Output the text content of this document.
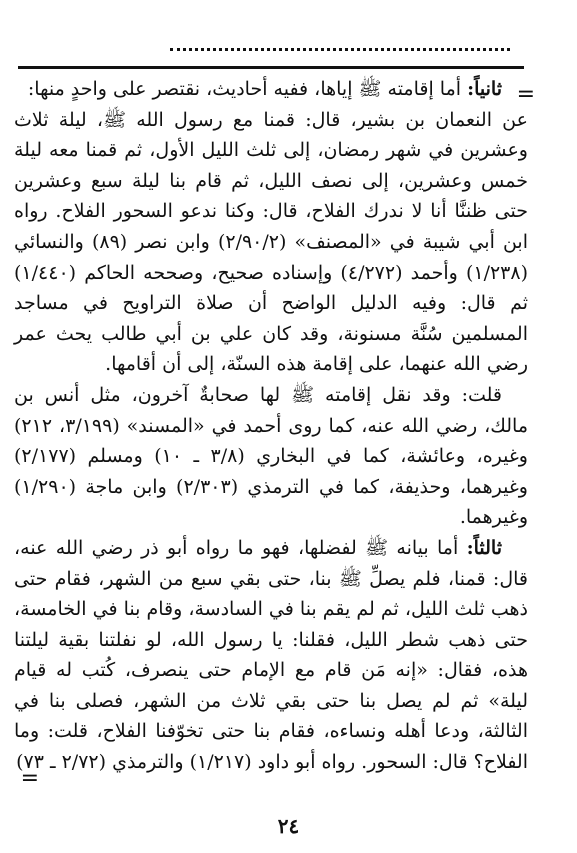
=

ثانياً: أما إقامته ﷺ إياها، ففيه أحاديث، نقتصر على واحدٍ منها:

عن النعمان بن بشير، قال: قمنا مع رسول الله ﷺ، ليلة ثلاث وعشرين في شهر رمضان، إلى ثلث الليل الأول، ثم قمنا معه ليلة خمس وعشرين، إلى نصف الليل، ثم قام بنا ليلة سبع وعشرين حتى ظننَّا أنا لا ندرك الفلاح، قال: وكنا ندعو السحور الفلاح. رواه ابن أبي شيبة في «المصنف» (٢/٩٠/٢) وابن نصر (٨٩) والنسائي (١/٢٣٨) وأحمد (٤/٢٧٢) وإسناده صحيح، وصححه الحاكم (١/٤٤٠) ثم قال: وفيه الدليل الواضح أن صلاة التراويح في مساجد المسلمين سُنَّة مسنونة، وقد كان علي بن أبي طالب يحث عمر رضي الله عنهما، على إقامة هذه السنّة، إلى أن أقامها.

قلت: وقد نقل إقامته ﷺ لها صحابةٌ آخرون، مثل أنس بن مالك، رضي الله عنه، كما روى أحمد في «المسند» (٣/١٩٩، ٢١٢) وغيره، وعائشة، كما في البخاري (٣/٨ ـ ١٠) ومسلم (٢/١٧٧) وغيرهما، وحذيفة، كما في الترمذي (٢/٣٠٣) وابن ماجة (١/٢٩٠) وغيرهما.

ثالثاً: أما بيانه ﷺ لفضلها، فهو ما رواه أبو ذر رضي الله عنه، قال: قمنا، فلم يصلِّ ﷺ بنا، حتى بقي سبع من الشهر، فقام حتى ذهب ثلث الليل، ثم لم يقم بنا في السادسة، وقام بنا في الخامسة، حتى ذهب شطر الليل، فقلنا: يا رسول الله، لو نفلتنا بقية ليلتنا هذه، فقال: «إنه مَن قام مع الإمام حتى ينصرف، كُتب له قيام ليلة» ثم لم يصل بنا حتى بقي ثلاث من الشهر، فصلى بنا في الثالثة، ودعا أهله ونساءه، فقام بنا حتى تخوّفنا الفلاح، قلت: وما الفلاح؟ قال: السحور. رواه أبو داود (١/٢١٧) والترمذي (٢/٧٢ ـ ٧٣)

=
٢٤
